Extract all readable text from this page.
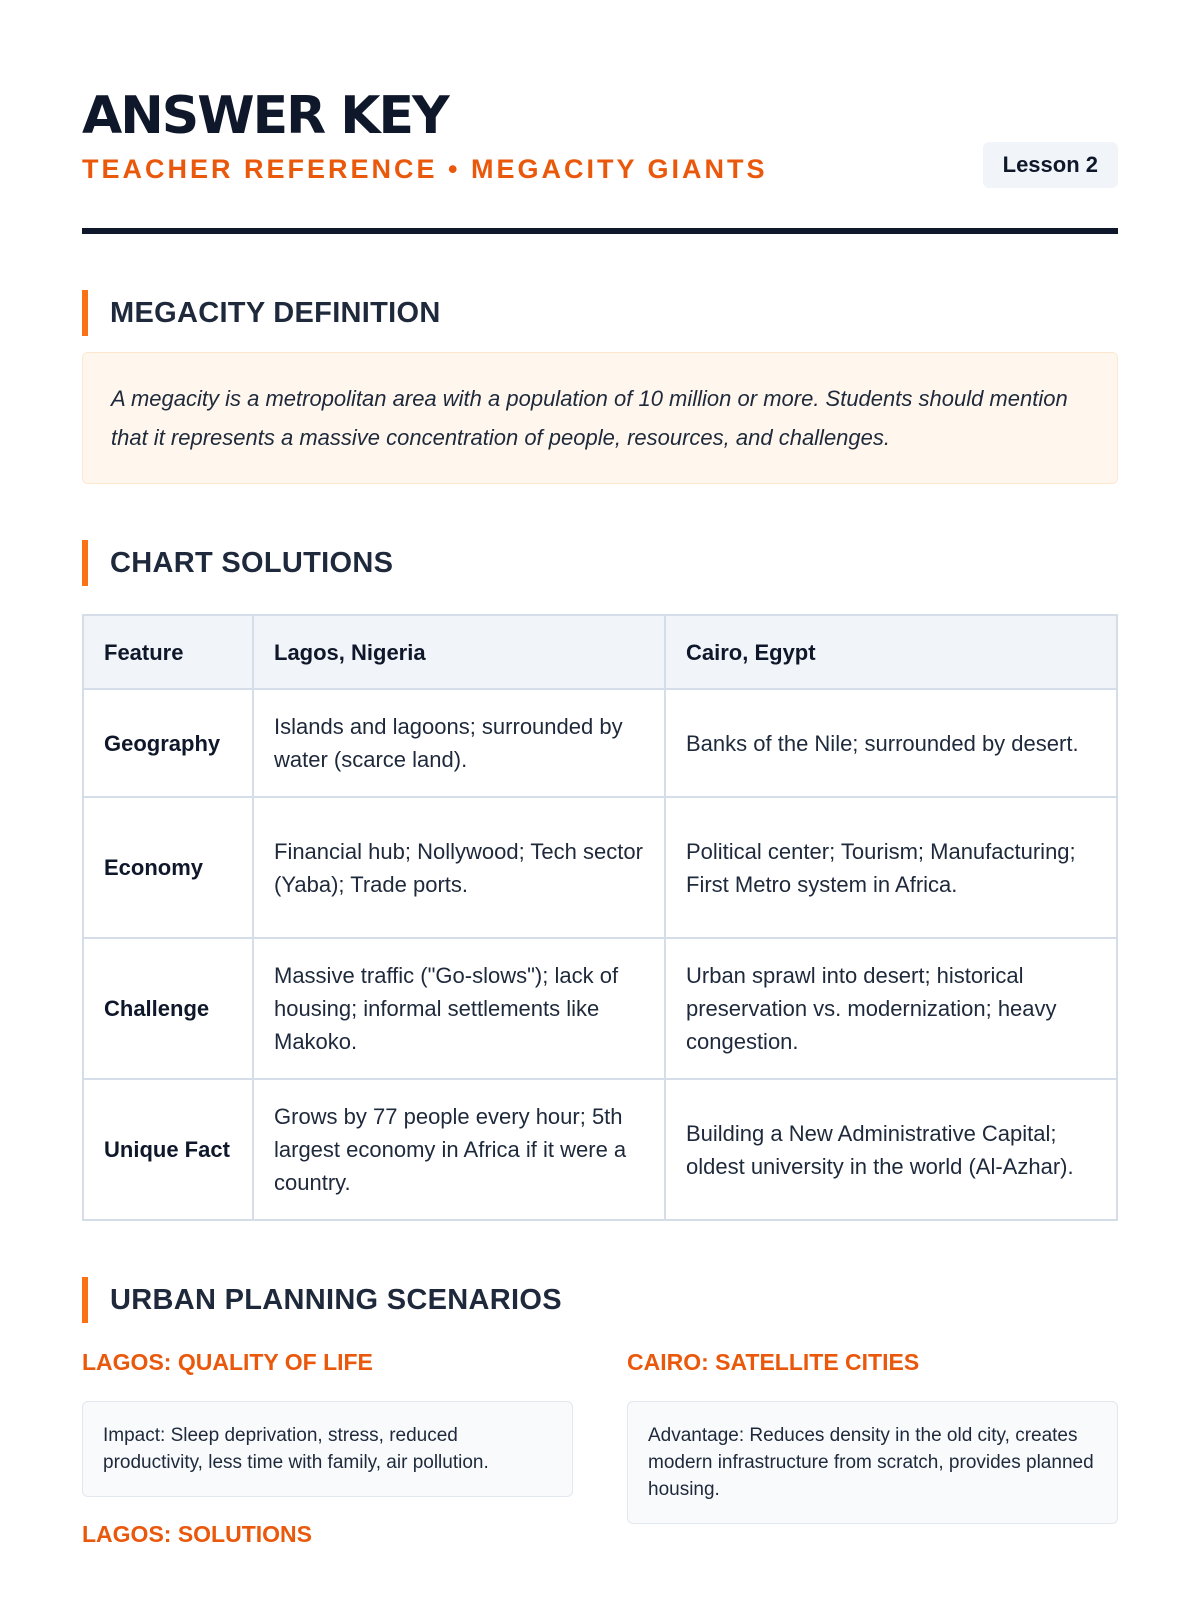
ANSWER KEY
TEACHER REFERENCE • MEGACITY GIANTS	Lesson 2
MEGACITY DEFINITION
A megacity is a metropolitan area with a population of 10 million or more. Students should mention that it represents a massive concentration of people, resources, and challenges.
CHART SOLUTIONS
Feature	Lagos, Nigeria	Cairo, Egypt
Geography	Islands and lagoons; surrounded by water (scarce land).	Banks of the Nile; surrounded by desert.
Economy	Financial hub; Nollywood; Tech sector (Yaba); Trade ports.	Political center; Tourism; Manufacturing; First Metro system in Africa.
Challenge	Massive traffic ("Go-slows"); lack of housing; informal settlements like Makoko.	Urban sprawl into desert; historical preservation vs. modernization; heavy congestion.
Unique Fact	Grows by 77 people every hour; 5th largest economy in Africa if it were a country.	Building a New Administrative Capital; oldest university in the world (Al-Azhar).
URBAN PLANNING SCENARIOS
LAGOS: QUALITY OF LIFE
Impact: Sleep deprivation, stress, reduced productivity, less time with family, air pollution.
LAGOS: SOLUTIONS
CAIRO: SATELLITE CITIES
Advantage: Reduces density in the old city, creates modern infrastructure from scratch, provides planned housing.
